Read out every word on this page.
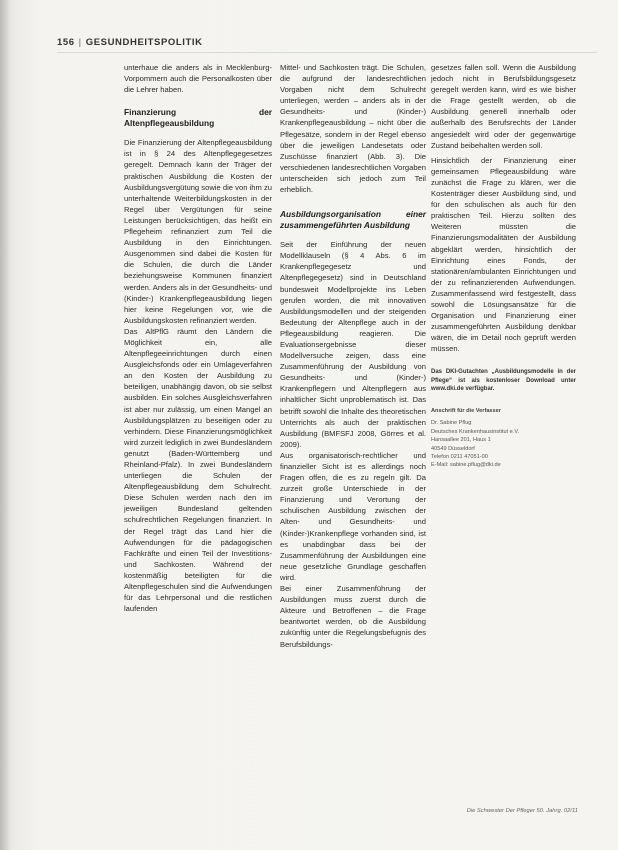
156 | GESUNDHEITSPOLITIK

unterhaue die anders als in Mecklenburg-Vorpommern auch die Personalkosten über die Lehrer haben.

Finanzierung der Altenpflegeausbildung

Die Finanzierung der Altenpflegeausbildung ist in § 24 des Altenpflegegesetzes geregelt. Demnach kann der Träger der praktischen Ausbildung die Kosten der Ausbildungsvergütung sowie die von ihm zu unterhaltende Weiterbildungskosten in der Regel über Vergütungen für seine Leistungen berücksichtigen, das heißt ein Pflegeheim refinanziert zum Teil die Ausbildung in den Einrichtungen. Ausgenommen sind dabei die Kosten für die Schulen, die durch die Länder beziehungsweise Kommunen finanziert werden. Anders als in der Gesundheits- und (Kinder-) Krankenpflegeausbildung liegen hier keine Regelungen vor, wie die Ausbildungskosten refinanziert werden.

Das AltPflG räumt den Ländern die Möglichkeit ein, alle Altenpflegeeinrichtungen durch einen Ausgleichsfonds oder ein Umlageverfahren an den Kosten der Ausbildung zu beteiligen, unabhängig davon, ob sie selbst ausbilden. Ein solches Ausgleichsverfahren ist aber nur zulässig, um einen Mangel an Ausbildungsplätzen zu beseitigen oder zu verhindern. Diese Finanzierungsmöglichkeit wird zurzeit lediglich in zwei Bundesländern genutzt (Baden-Württemberg und Rheinland-Pfalz). In zwei Bundesländern unterliegen die Schulen der Altenpflegeausbildung dem Schulrecht. Diese Schulen werden nach den im jeweiligen Bundesland geltenden schulrechtlichen Regelungen finanziert. In der Regel trägt das Land hier die Aufwendungen für die pädagogischen Fachkräfte und einen Teil der Investitions- und Sachkosten. Während der kostenmäßig beteiligten für die Altenpflegeschulen sind die Aufwendungen für das Lehrpersonal und die restlichen laufenden

Mittel- und Sachkosten trägt. Die Schulen, die aufgrund der landesrechtlichen Vorgaben nicht dem Schulrecht unterliegen, werden – anders als in der Gesundheits- und (Kinder-) Krankenpflegeausbildung – nicht über die Pflegesätze, sondern in der Regel ebenso über die jeweiligen Landesetats oder Zuschüsse finanziert (Abb. 3). Die verschiedenen landesrechtlichen Vorgaben unterscheiden sich jedoch zum Teil erheblich.

Ausbildungsorganisation einer zusammengeführten Ausbildung

Seit der Einführung der neuen Modellklauseln (§ 4 Abs. 6 im Krankenpflegegesetz und Altenpflegegesetz) sind in Deutschland bundesweit Modellprojekte ins Leben gerufen worden, die mit innovativen Ausbildungsmodellen und der steigenden Bedeutung der Altenpflege auch in der Pflegeausbildung reagieren. Die Evaluationsergebnisse dieser Modellversuche zeigen, dass eine Zusammenführung der Ausbildung von Gesundheits- und (Kinder-) Krankenpflegern und Altenpflegern aus inhaltlicher Sicht unproblematisch ist. Das betrifft sowohl die Inhalte des theoretischen Unterrichts als auch der praktischen Ausbildung (BMFSFJ 2008, Görres et al. 2009).

Aus organisatorisch-rechtlicher und finanzieller Sicht ist es allerdings noch Fragen offen, die es zu regeln gilt. Da zurzeit große Unterschiede in der Finanzierung und Verortung der schulischen Ausbildung zwischen der Alten- und Gesundheits- und (Kinder-)Krankenpflege vorhanden sind, ist es unabdingbar dass bei der Zusammenführung der Ausbildungen eine neue gesetzliche Grundlage geschaffen wird.

Bei einer Zusammenführung der Ausbildungen muss zuerst durch die Akteure und Betroffenen – die Frage beantwortet werden, ob die Ausbildung zukünftig unter die Regelungsbefugnis des Berufsbildungs-

gesetzes fallen soll. Wenn die Ausbildung jedoch nicht in Berufsbildungsgesetz geregelt werden kann, wird es wie bisher die Frage gestellt werden, ob die Ausbildung generell innerhalb oder außerhalb des Berufsrechts der Länder angesiedelt wird oder der gegenwärtige Zustand beibehalten werden soll.

Hinsichtlich der Finanzierung einer gemeinsamen Pflegeausbildung wäre zunächst die Frage zu klären, wer die Kostenträger dieser Ausbildung sind, und für den schulischen als auch für den praktischen Teil. Hierzu sollten des Weiteren müssten die Finanzierungsmodalitäten der Ausbildung abgeklärt werden, hinsichtlich der Einrichtung eines Fonds, der stationären/ambulanten Einrichtungen und der zu refinanzierenden Aufwendungen. Zusammenfassend wird festgestellt, dass sowohl die Lösungsansätze für die Organisation und Finanzierung einer zusammengeführten Ausbildung denkbar wären, die im Detail noch geprüft werden müssen.

Das DKI-Gutachten „Ausbildungsmodelle in der Pflege“ ist als kostenloser Download unter www.dki.de verfügbar.
Anschrift für die Verfasser
Dr. Sabine Pflug
Deutsches Krankenhausinstitut e.V.
Hansaallee 201, Haus 1
40549 Düsseldorf
Telefon 0211 47051-00
E-Mail: sabine.pflug@dki.de
Die Schwester Der Pfleger 50. Jahrg. 02/11
